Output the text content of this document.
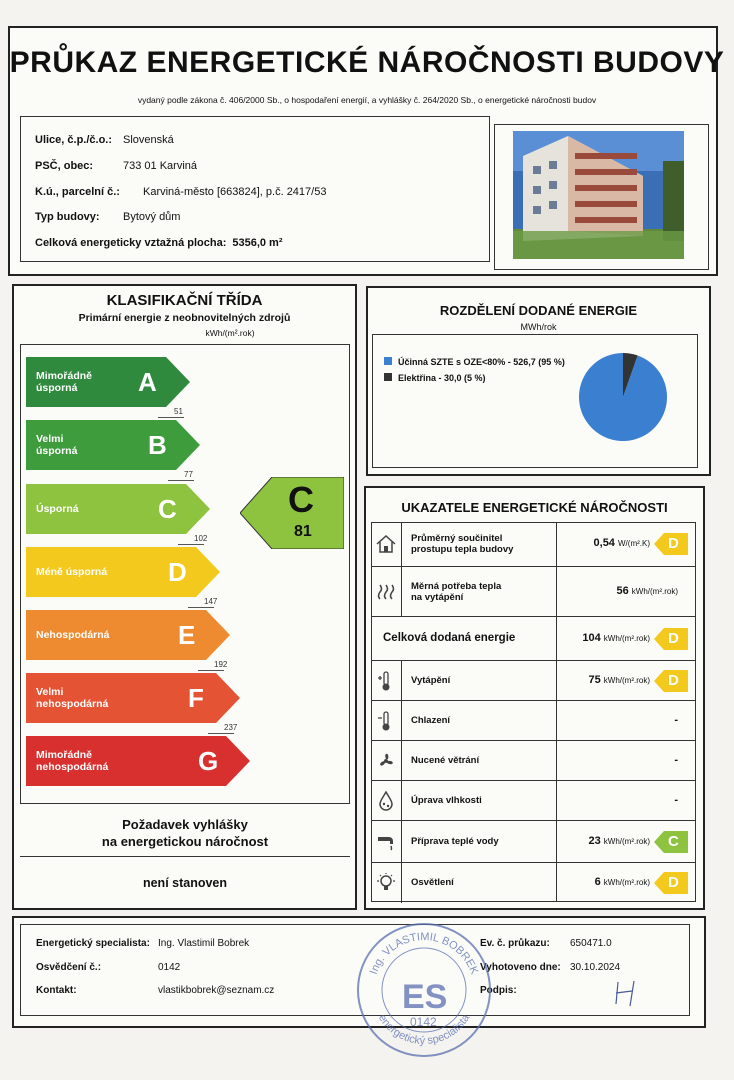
PRŮKAZ ENERGETICKÉ NÁROČNOSTI BUDOVY
vydaný podle zákona č. 406/2000 Sb., o hospodaření energií, a vyhlášky č. 264/2020 Sb., o energetické náročnosti budov
Ulice, č.p./č.o.: Slovenská
PSČ, obec:	733 01 Karviná
K.ú., parcelní č.: Karviná-město [663824], p.č. 2417/53
Typ budovy: Bytový dům
Celková energeticky vztažná plocha: 5356,0 m²
KLASIFIKAČNÍ TŘÍDA
Primární energie z neobnovitelných zdrojů
kWh/(m².rok)
Mimořádně
úsporná	A
Velmi
úsporná	B
Úsporná	C
Méně úsporná D
Nehospodárná	E
Velmi
nehospodárná	F
Mimořádně
nehospodárná	G
51
77
102
147
192
237
C
81
Požadavek vyhlášky
na energetickou náročnost
není stanoven
ROZDĚLENÍ DODANÉ ENERGIE
MWh/rok
Účinná SZTE s OZE<80% - 526,7 (95 %)
Elektřina - 30,0 (5 %)
UKAZATELE ENERGETICKÉ NÁROČNOSTI
Průměrný součinitel
prostupu tepla budovy
0,54 W/(m².K) D
Měrná potřeba tepla
na vytápění
56 kWh/(m².rok)
Celková dodaná energie	104 kWh/(m².rok) D
Vytápění	75 kWh/(m².rok) D
Chlazení	-
Nucené větrání	-
Úprava vlhkosti	-
Příprava teplé vody	23 kWh/(m².rok) C
Osvětlení	6 kWh/(m².rok) D
Energetický specialista: Ing. Vlastimil Bobrek
Osvědčení č.:	0142
Kontakt:	vlastikbobrek@seznam.cz
Ev. č. průkazu: 650471.0
Vyhotoveno dne: 30.10.2024
Podpis:
Ing. VLASTIMIL BOBREK
energetický specialista
ES
0142
